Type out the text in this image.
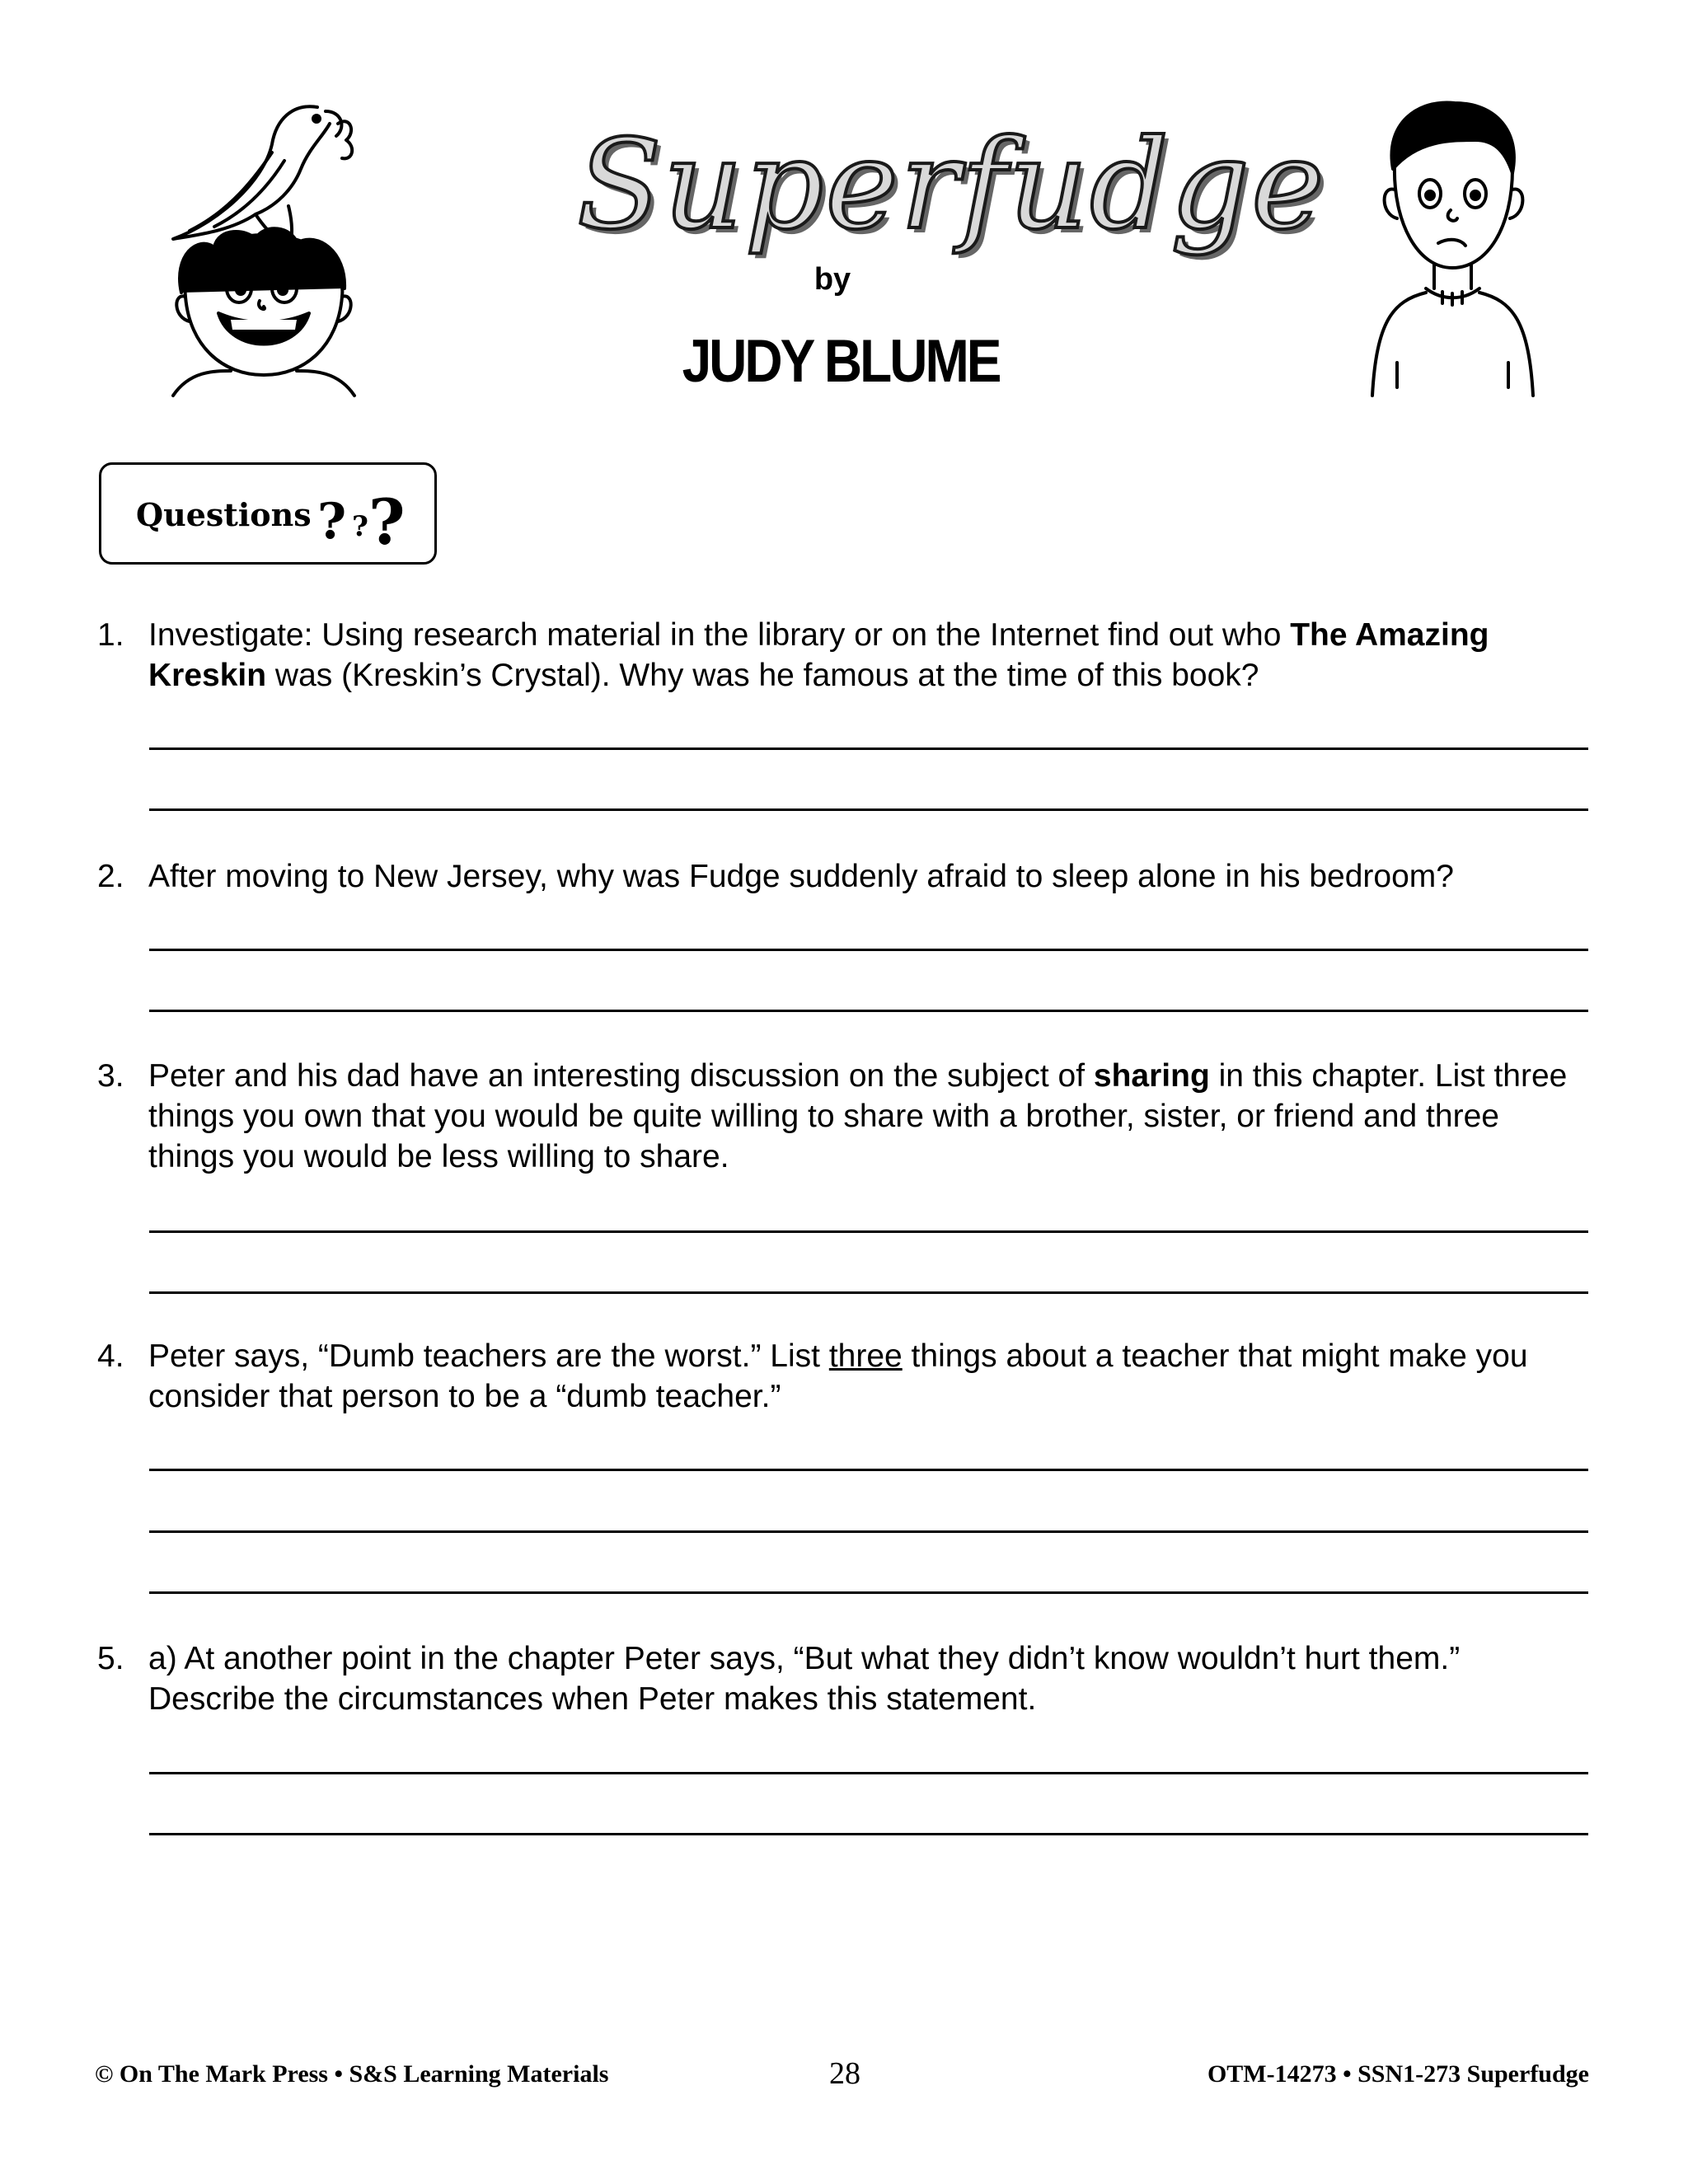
Superfudge
by
JUDY BLUME
Questions ? ? ?
1. Investigate: Using research material in the library or on the Internet find out who The Amazing Kreskin was (Kreskin’s Crystal). Why was he famous at the time of this book?
2. After moving to New Jersey, why was Fudge suddenly afraid to sleep alone in his bedroom?
3. Peter and his dad have an interesting discussion on the subject of sharing in this chapter. List three things you own that you would be quite willing to share with a brother, sister, or friend and three things you would be less willing to share.
4. Peter says, “Dumb teachers are the worst.” List three things about a teacher that might make you consider that person to be a “dumb teacher.”
5. a) At another point in the chapter Peter says, “But what they didn’t know wouldn’t hurt them.” Describe the circumstances when Peter makes this statement.
© On The Mark Press • S&S Learning Materials	28	OTM-14273 • SSN1-273 Superfudge
